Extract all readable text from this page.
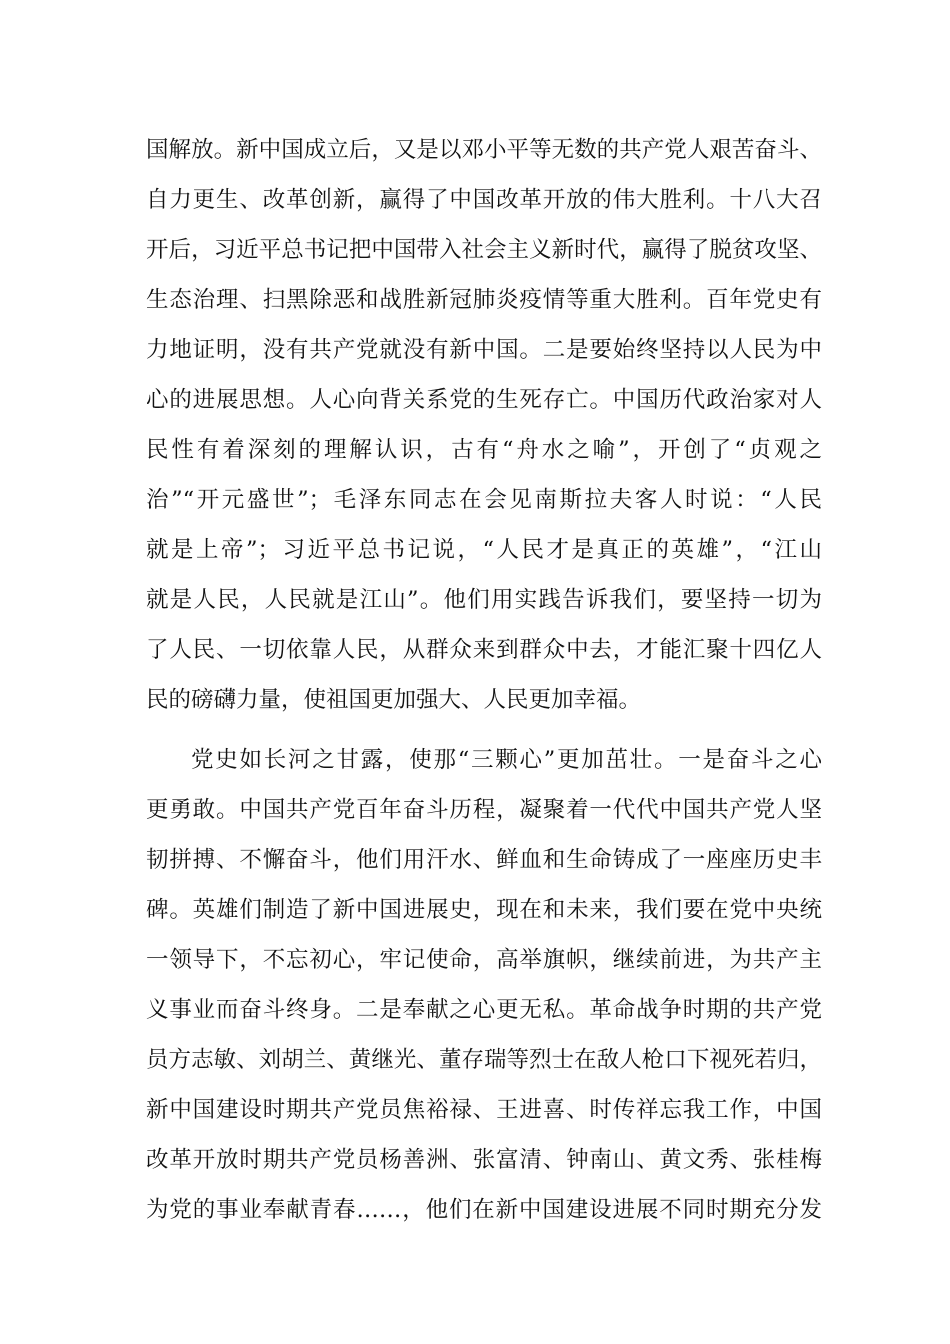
国解放。新中国成立后，又是以邓小平等无数的共产党人艰苦奋斗、
自力更生、改革创新，赢得了中国改革开放的伟大胜利。十八大召
开后，习近平总书记把中国带入社会主义新时代，赢得了脱贫攻坚、
生态治理、扫黑除恶和战胜新冠肺炎疫情等重大胜利。百年党史有
力地证明，没有共产党就没有新中国。二是要始终坚持以人民为中
心的进展思想。人心向背关系党的生死存亡。中国历代政治家对人
民性有着深刻的理解认识，古有“舟水之喻”，开创了“贞观之
治”“开元盛世”；毛泽东同志在会见南斯拉夫客人时说：“人民
就是上帝”；习近平总书记说，“人民才是真正的英雄”，“江山
就是人民，人民就是江山”。他们用实践告诉我们，要坚持一切为
了人民、一切依靠人民，从群众来到群众中去，才能汇聚十四亿人
民的磅礴力量，使祖国更加强大、人民更加幸福。
党史如长河之甘露，使那“三颗心”更加茁壮。一是奋斗之心
更勇敢。中国共产党百年奋斗历程，凝聚着一代代中国共产党人坚
韧拼搏、不懈奋斗，他们用汗水、鲜血和生命铸成了一座座历史丰
碑。英雄们制造了新中国进展史，现在和未来，我们要在党中央统
一领导下，不忘初心，牢记使命，高举旗帜，继续前进，为共产主
义事业而奋斗终身。二是奉献之心更无私。革命战争时期的共产党
员方志敏、刘胡兰、黄继光、董存瑞等烈士在敌人枪口下视死若归，
新中国建设时期共产党员焦裕禄、王进喜、时传祥忘我工作，中国
改革开放时期共产党员杨善洲、张富清、钟南山、黄文秀、张桂梅
为党的事业奉献青春……，他们在新中国建设进展不同时期充分发
